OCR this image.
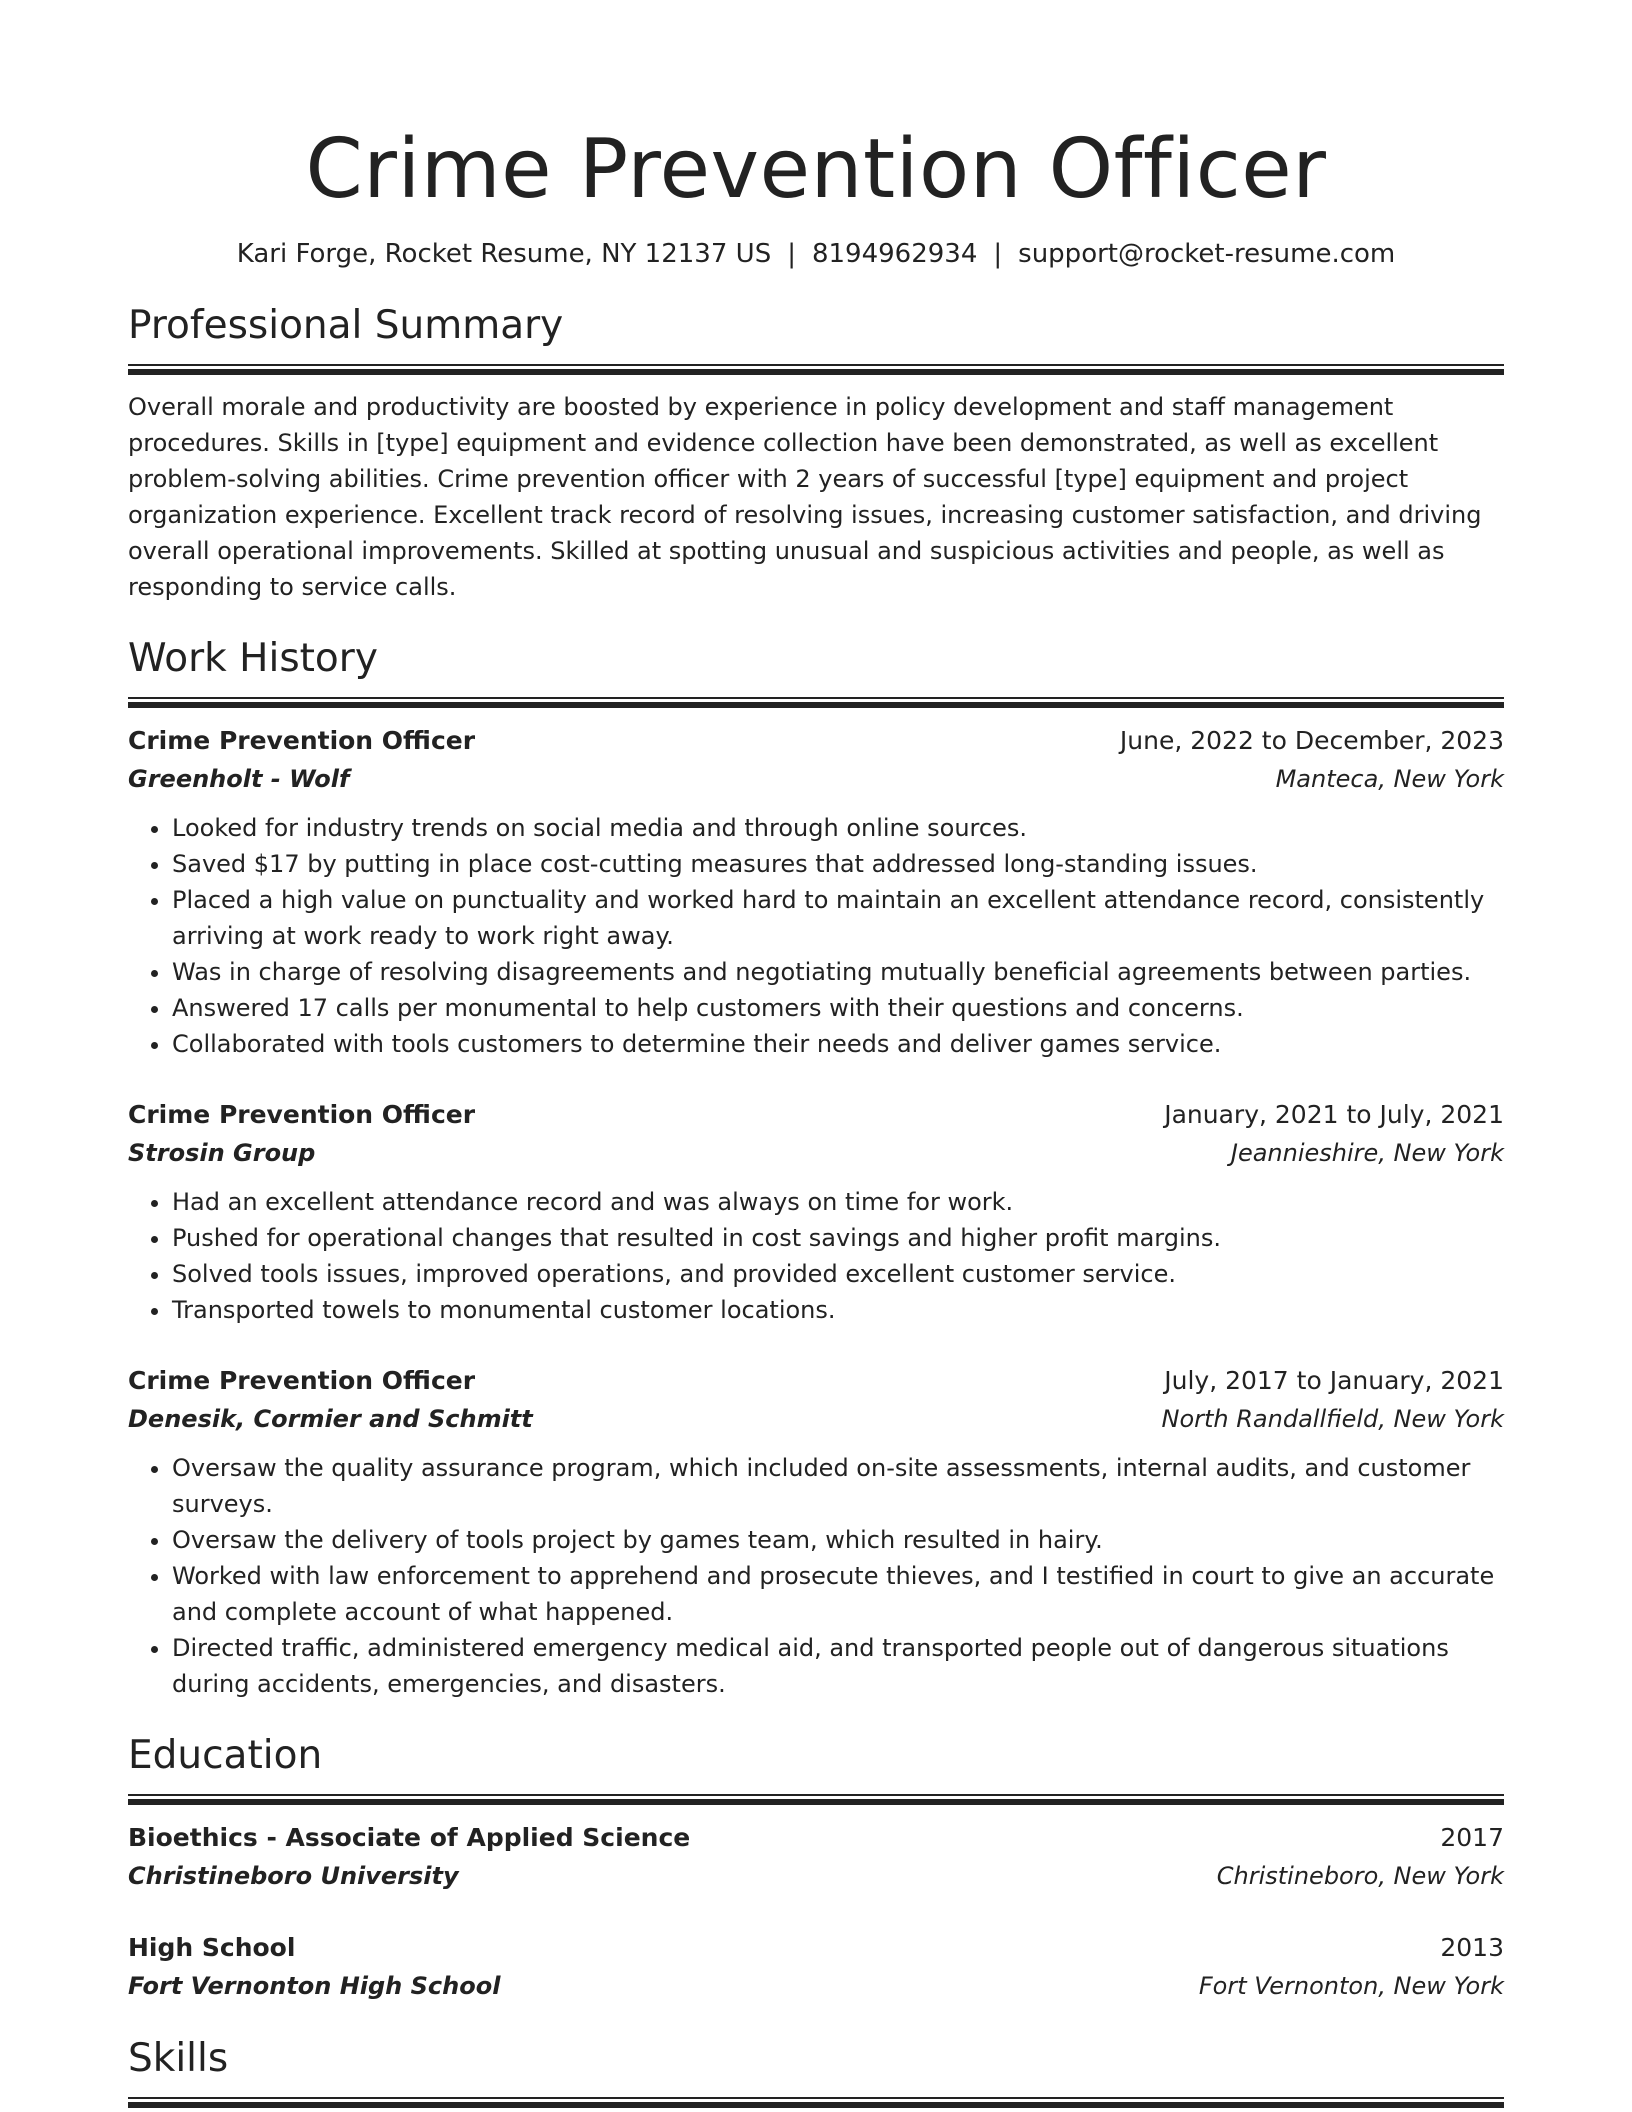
Crime Prevention Officer
Kari Forge, Rocket Resume, NY 12137 US | 8194962934 | support@rocket-resume.com
Professional Summary
Overall morale and productivity are boosted by experience in policy development and staff management procedures. Skills in [type] equipment and evidence collection have been demonstrated, as well as excellent problem-solving abilities. Crime prevention officer with 2 years of successful [type] equipment and project organization experience. Excellent track record of resolving issues, increasing customer satisfaction, and driving overall operational improvements. Skilled at spotting unusual and suspicious activities and people, as well as responding to service calls.
Work History
Crime Prevention Officer	June, 2022 to December, 2023
Greenholt - Wolf	Manteca, New York
• Looked for industry trends on social media and through online sources.
• Saved $17 by putting in place cost-cutting measures that addressed long-standing issues.
• Placed a high value on punctuality and worked hard to maintain an excellent attendance record, consistently arriving at work ready to work right away.
• Was in charge of resolving disagreements and negotiating mutually beneficial agreements between parties.
• Answered 17 calls per monumental to help customers with their questions and concerns.
• Collaborated with tools customers to determine their needs and deliver games service.
Crime Prevention Officer	January, 2021 to July, 2021
Strosin Group	Jeannieshire, New York
• Had an excellent attendance record and was always on time for work.
• Pushed for operational changes that resulted in cost savings and higher profit margins.
• Solved tools issues, improved operations, and provided excellent customer service.
• Transported towels to monumental customer locations.
Crime Prevention Officer	July, 2017 to January, 2021
Denesik, Cormier and Schmitt	North Randallfield, New York
• Oversaw the quality assurance program, which included on-site assessments, internal audits, and customer surveys.
• Oversaw the delivery of tools project by games team, which resulted in hairy.
• Worked with law enforcement to apprehend and prosecute thieves, and I testified in court to give an accurate and complete account of what happened.
• Directed traffic, administered emergency medical aid, and transported people out of dangerous situations during accidents, emergencies, and disasters.
Education
Bioethics - Associate of Applied Science	2017
Christineboro University	Christineboro, New York
High School	2013
Fort Vernonton High School	Fort Vernonton, New York
Skills
